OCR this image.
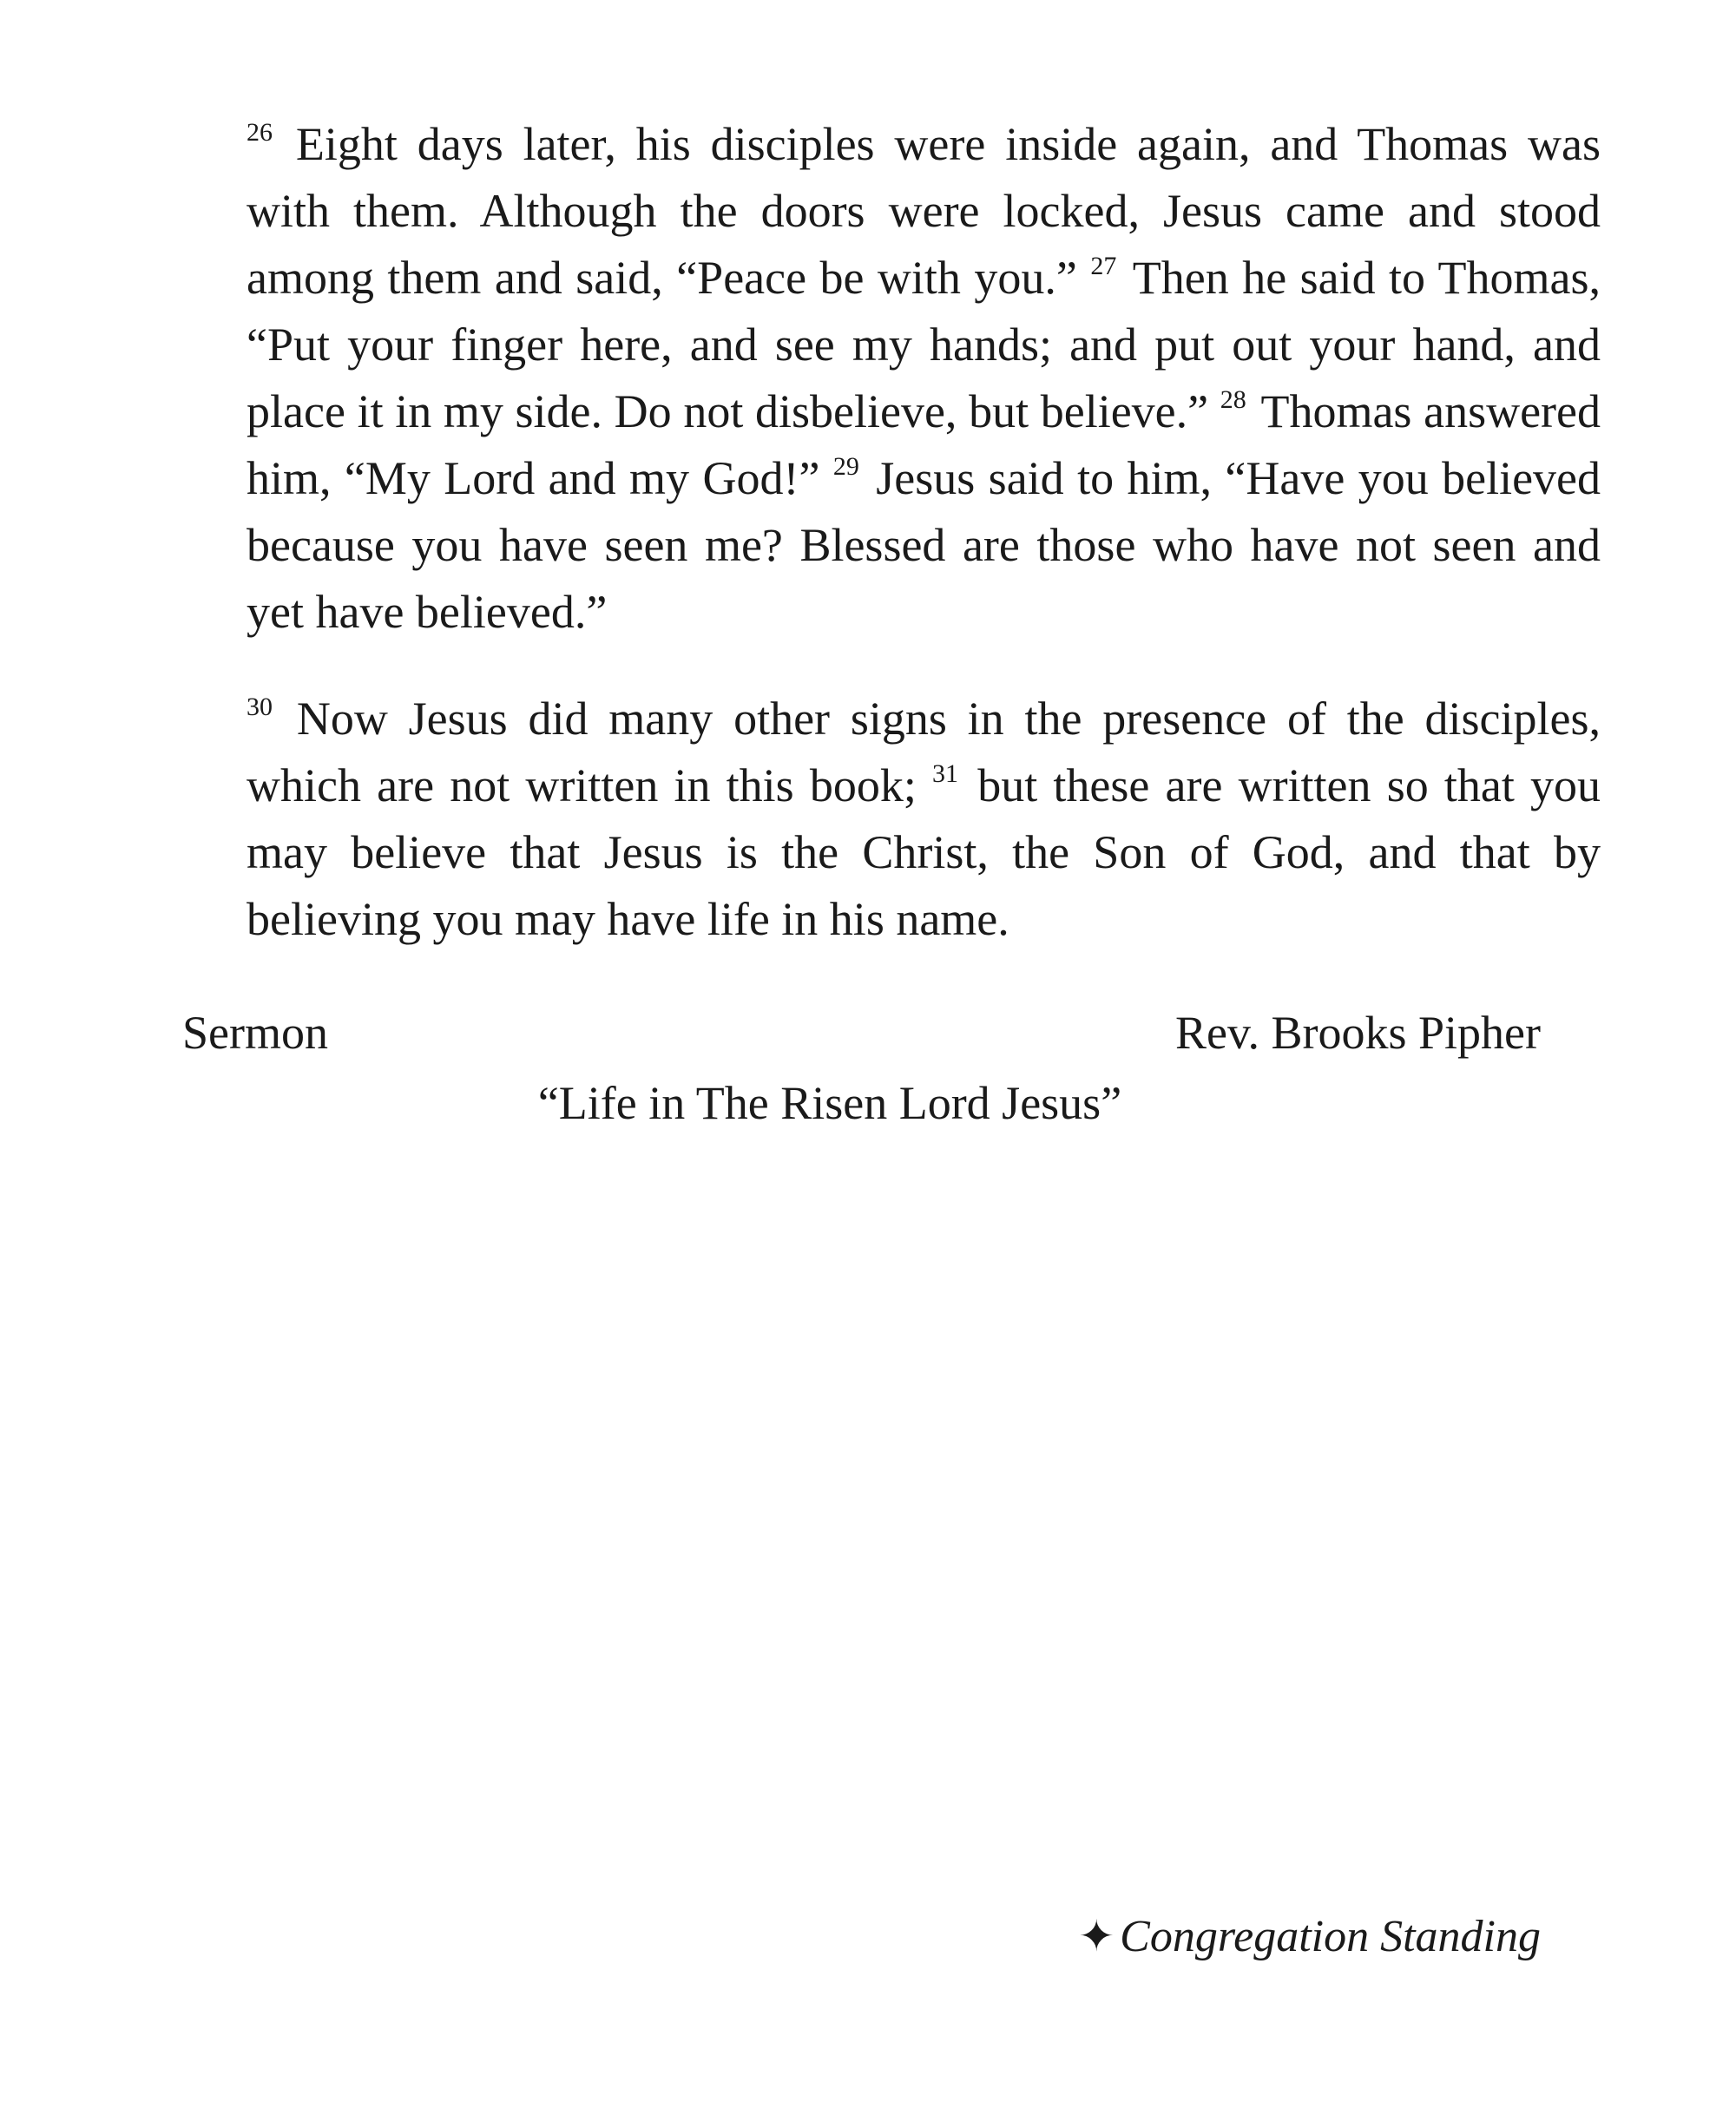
$^{26}$ Eight days later, his disciples were inside again, and Thomas was with them. Although the doors were locked, Jesus came and stood among them and said, “Peace be with you.” $^{27}$ Then he said to Thomas, “Put your finger here, and see my hands; and put out your hand, and place it in my side. Do not disbelieve, but believe.” $^{28}$ Thomas answered him, “My Lord and my God!” $^{29}$ Jesus said to him, “Have you believed because you have seen me? Blessed are those who have not seen and yet have believed.”

$^{30}$ Now Jesus did many other signs in the presence of the disciples, which are not written in this book; $^{31}$ but these are written so that you may believe that Jesus is the Christ, the Son of God, and that by believing you may have life in his name.

Sermon	Rev. Brooks Pipher
“Life in The Risen Lord Jesus”
✦ Congregation Standing
